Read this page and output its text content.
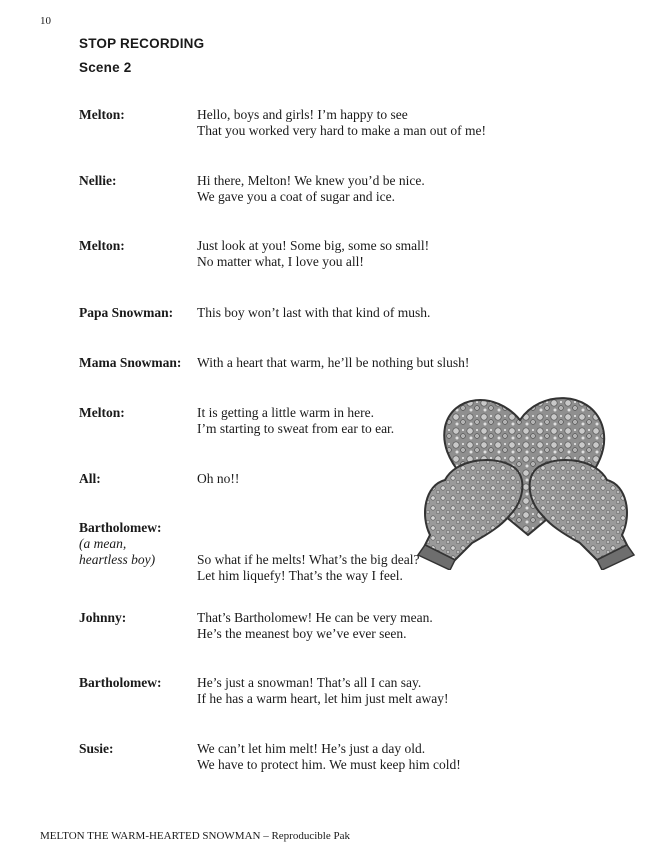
10
STOP RECORDING
Scene 2
Melton:	Hello, boys and girls! I’m happy to see
That you worked very hard to make a man out of me!
Nellie:	Hi there, Melton! We knew you’d be nice.
We gave you a coat of sugar and ice.
Melton:	Just look at you! Some big, some so small!
No matter what, I love you all!
Papa Snowman: This boy won’t last with that kind of mush.
Mama Snowman: With a heart that warm, he’ll be nothing but slush!
Melton:	It is getting a little warm in here.
I’m starting to sweat from ear to ear.
All:	Oh no!!
Bartholomew:
(a mean,
heartless boy)	So what if he melts! What’s the big deal?
Let him liquefy! That’s the way I feel.
Johnny:	That’s Bartholomew! He can be very mean.
He’s the meanest boy we’ve ever seen.
Bartholomew:	He’s just a snowman! That’s all I can say.
If he has a warm heart, let him just melt away!
Susie:	We can’t let him melt! He’s just a day old.
We have to protect him. We must keep him cold!
MELTON THE WARM-HEARTED SNOWMAN – Reproducible Pak
